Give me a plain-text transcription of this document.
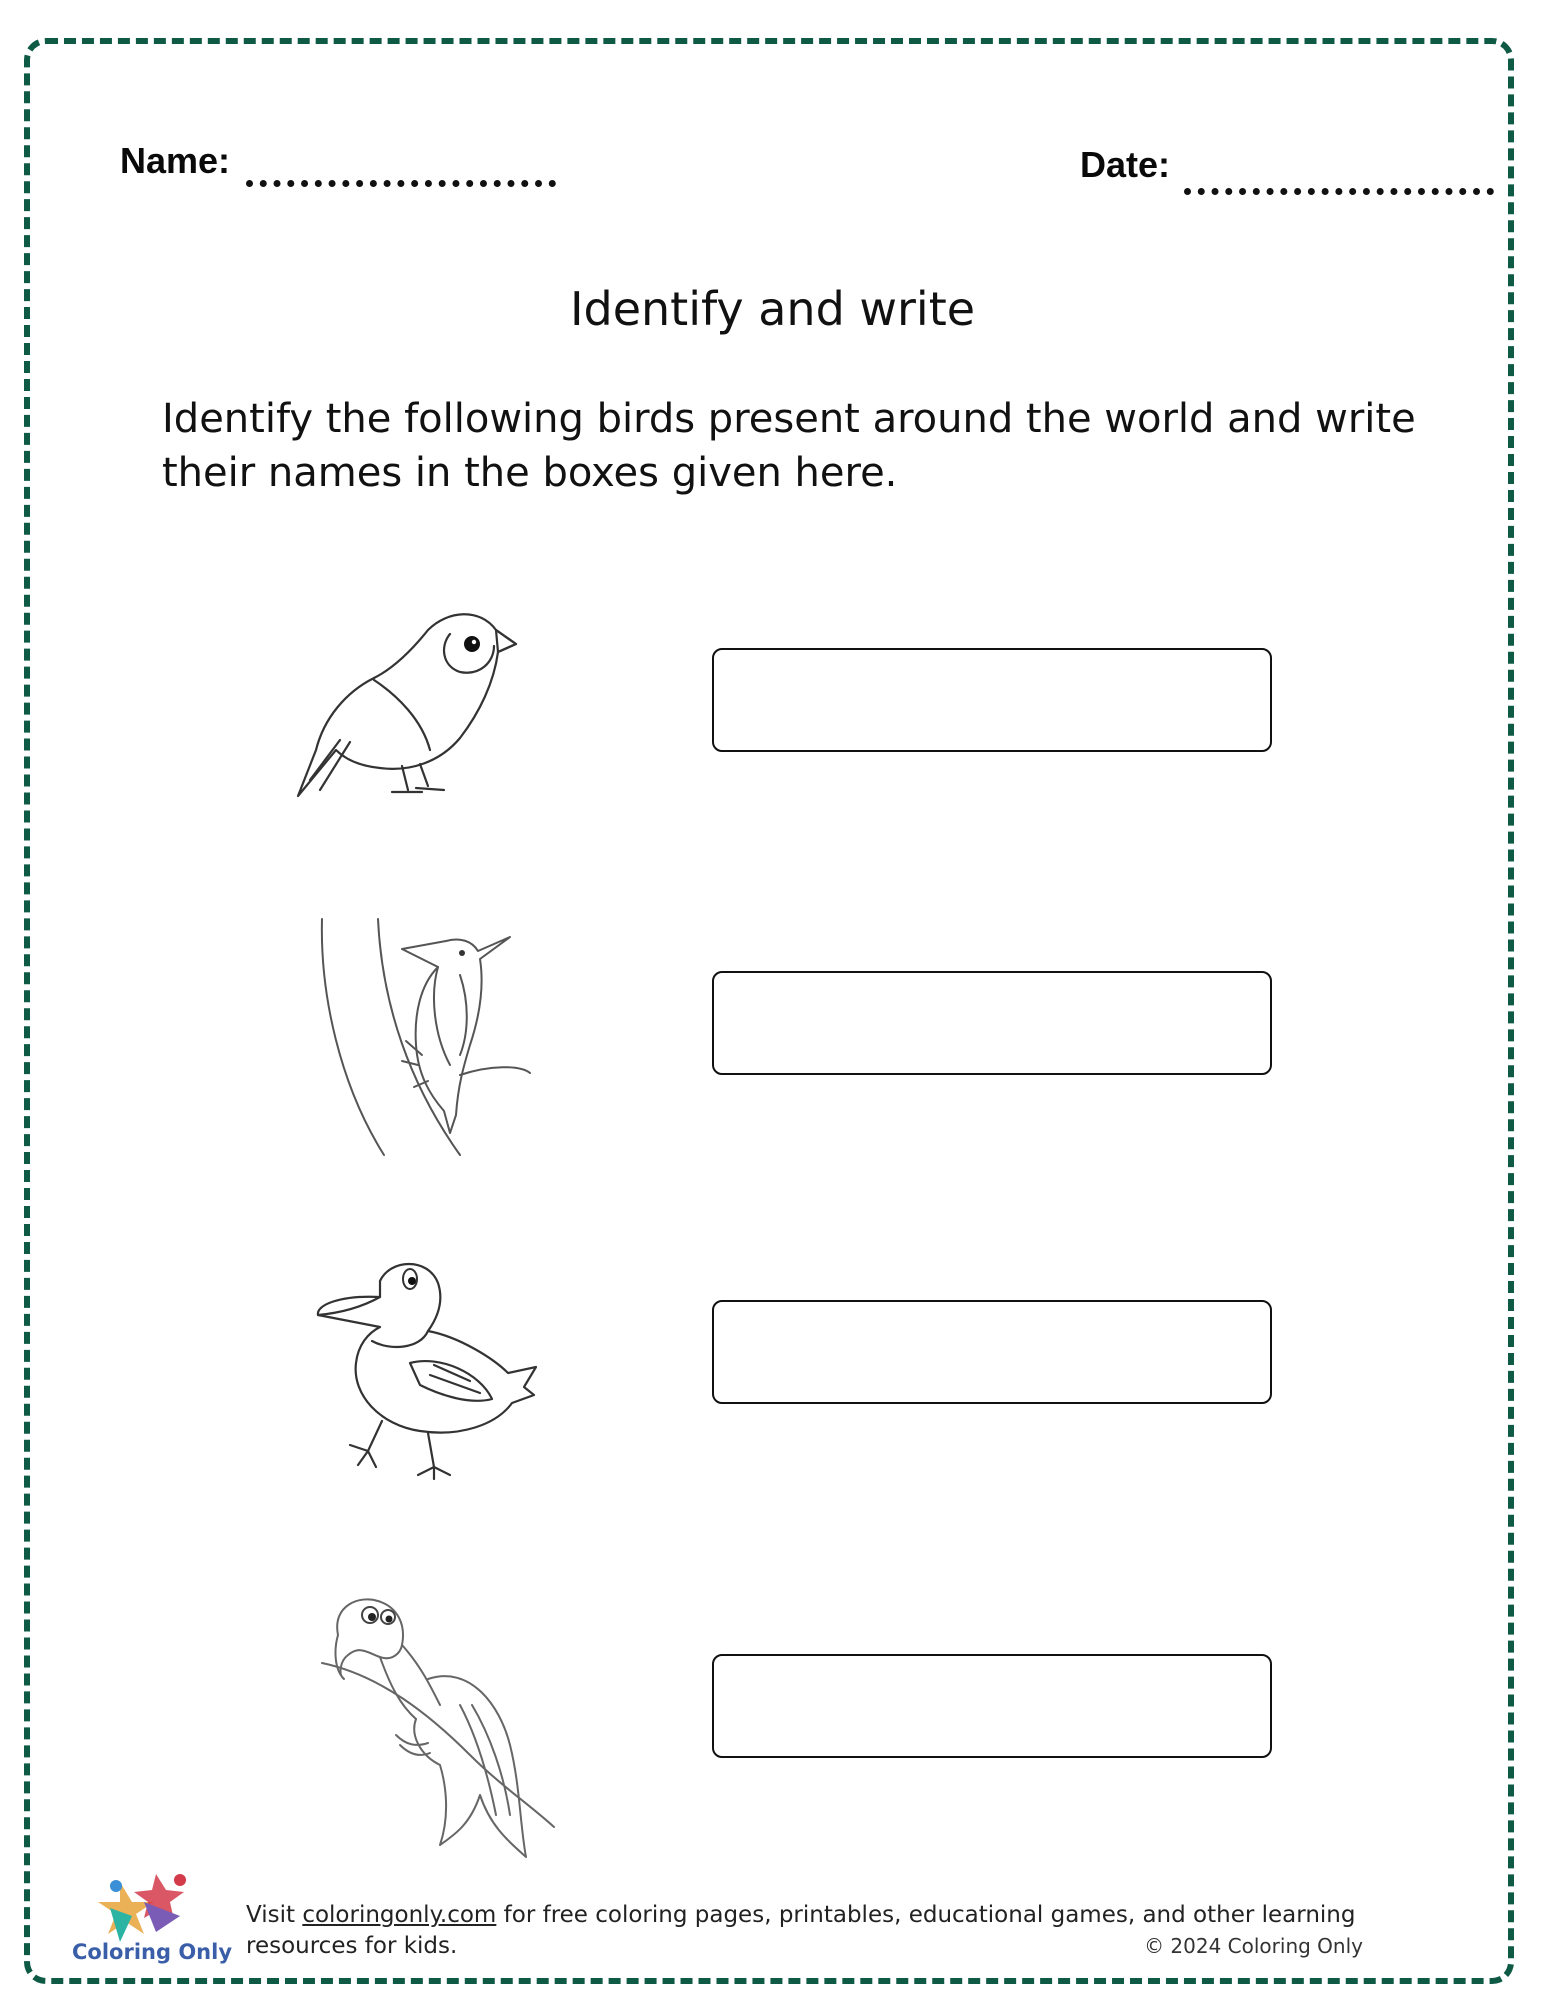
Name:	Date:
Identify and write
Identify the following birds present around the world and write their names in the boxes given here.
Coloring Only
Visit coloringonly.com for free coloring pages, printables, educational games, and other learning resources for kids.	© 2024 Coloring Only
